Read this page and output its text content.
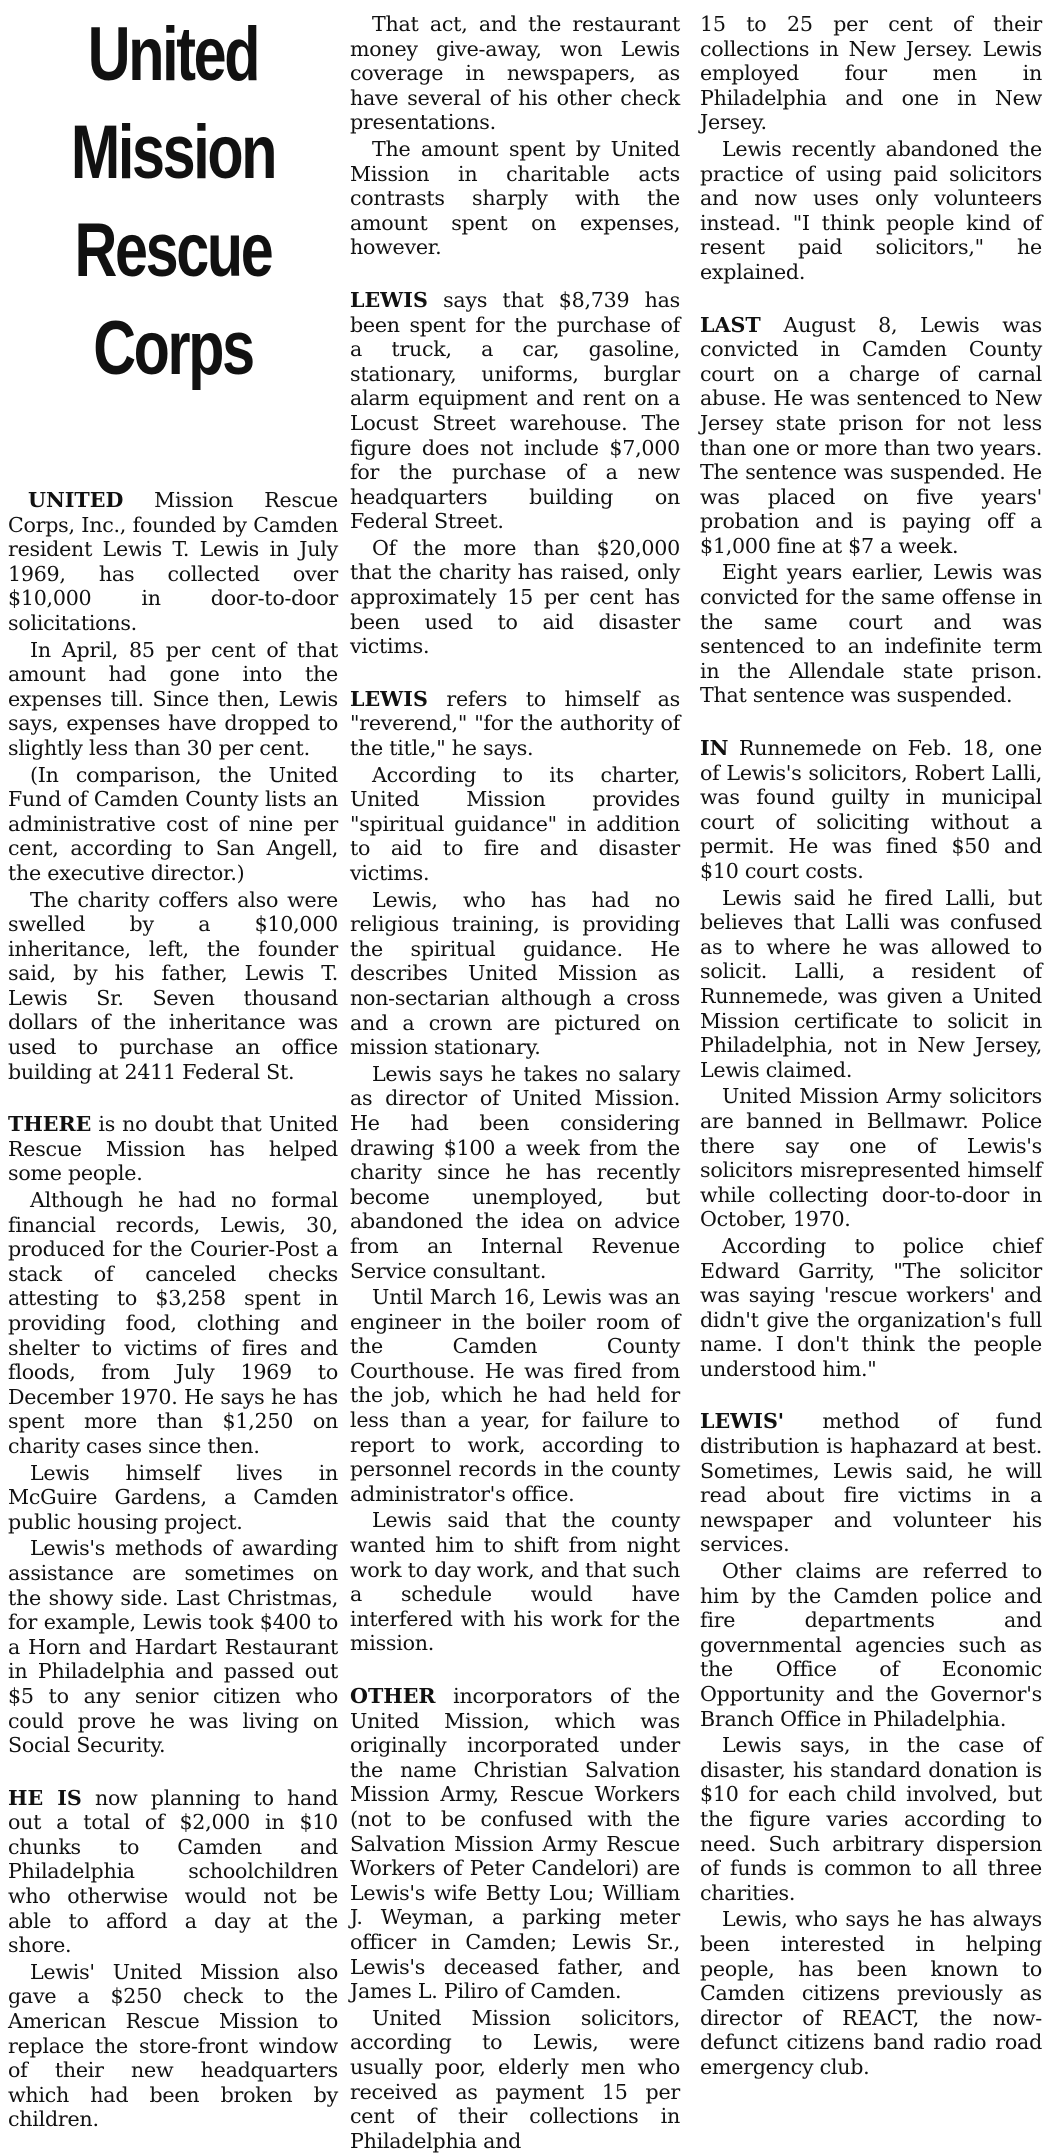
United
Mission
Rescue
Corps

UNITED Mission Rescue Corps, Inc., founded by Camden resident Lewis T. Lewis in July 1969, has collected over $10,000 in door-to-door solicitations.

In April, 85 per cent of that amount had gone into the expenses till. Since then, Lewis says, expenses have dropped to slightly less than 30 per cent.

(In comparison, the United Fund of Camden County lists an administrative cost of nine per cent, according to San Angell, the executive director.)

The charity coffers also were swelled by a $10,000 inheritance, left, the founder said, by his father, Lewis T. Lewis Sr. Seven thousand dollars of the inheritance was used to purchase an office building at 2411 Federal St.

THERE is no doubt that United Rescue Mission has helped some people.

Although he had no formal financial records, Lewis, 30, produced for the Courier-Post a stack of canceled checks attesting to $3,258 spent in providing food, clothing and shelter to victims of fires and floods, from July 1969 to December 1970. He says he has spent more than $1,250 on charity cases since then.

Lewis himself lives in McGuire Gardens, a Camden public housing project.

Lewis's methods of awarding assistance are sometimes on the showy side. Last Christmas, for example, Lewis took $400 to a Horn and Hardart Restaurant in Philadelphia and passed out $5 to any senior citizen who could prove he was living on Social Security.

HE IS now planning to hand out a total of $2,000 in $10 chunks to Camden and Philadelphia schoolchildren who otherwise would not be able to afford a day at the shore.

Lewis' United Mission also gave a $250 check to the American Rescue Mission to replace the store-front window of their new headquarters which had been broken by children.

That act, and the restaurant money give-away, won Lewis coverage in newspapers, as have several of his other check presentations.

The amount spent by United Mission in charitable acts contrasts sharply with the amount spent on expenses, however.

LEWIS says that $8,739 has been spent for the purchase of a truck, a car, gasoline, stationary, uniforms, burglar alarm equipment and rent on a Locust Street warehouse. The figure does not include $7,000 for the purchase of a new headquarters building on Federal Street.

Of the more than $20,000 that the charity has raised, only approximately 15 per cent has been used to aid disaster victims.

LEWIS refers to himself as "reverend," "for the authority of the title," he says.

According to its charter, United Mission provides "spiritual guidance" in addition to aid to fire and disaster victims.

Lewis, who has had no religious training, is providing the spiritual guidance. He describes United Mission as non-sectarian although a cross and a crown are pictured on mission stationary.

Lewis says he takes no salary as director of United Mission. He had been considering drawing $100 a week from the charity since he has recently become unemployed, but abandoned the idea on advice from an Internal Revenue Service consultant.

Until March 16, Lewis was an engineer in the boiler room of the Camden County Courthouse. He was fired from the job, which he had held for less than a year, for failure to report to work, according to personnel records in the county administrator's office.

Lewis said that the county wanted him to shift from night work to day work, and that such a schedule would have interfered with his work for the mission.

OTHER incorporators of the United Mission, which was originally incorporated under the name Christian Salvation Mission Army, Rescue Workers (not to be confused with the Salvation Mission Army Rescue Workers of Peter Candelori) are Lewis's wife Betty Lou; William J. Weyman, a parking meter officer in Camden; Lewis Sr., Lewis's deceased father, and James L. Piliro of Camden.

United Mission solicitors, according to Lewis, were usually poor, elderly men who received as payment 15 per cent of their collections in Philadelphia and

15 to 25 per cent of their collections in New Jersey. Lewis employed four men in Philadelphia and one in New Jersey.

Lewis recently abandoned the practice of using paid solicitors and now uses only volunteers instead. "I think people kind of resent paid solicitors," he explained.

LAST August 8, Lewis was convicted in Camden County court on a charge of carnal abuse. He was sentenced to New Jersey state prison for not less than one or more than two years. The sentence was suspended. He was placed on five years' probation and is paying off a $1,000 fine at $7 a week.

Eight years earlier, Lewis was convicted for the same offense in the same court and was sentenced to an indefinite term in the Allendale state prison. That sentence was suspended.

IN Runnemede on Feb. 18, one of Lewis's solicitors, Robert Lalli, was found guilty in municipal court of soliciting without a permit. He was fined $50 and $10 court costs.

Lewis said he fired Lalli, but believes that Lalli was confused as to where he was allowed to solicit. Lalli, a resident of Runnemede, was given a United Mission certificate to solicit in Philadelphia, not in New Jersey, Lewis claimed.

United Mission Army solicitors are banned in Bellmawr. Police there say one of Lewis's solicitors misrepresented himself while collecting door-to-door in October, 1970.

According to police chief Edward Garrity, "The solicitor was saying 'rescue workers' and didn't give the organization's full name. I don't think the people understood him."

LEWIS' method of fund distribution is haphazard at best. Sometimes, Lewis said, he will read about fire victims in a newspaper and volunteer his services.

Other claims are referred to him by the Camden police and fire departments and governmental agencies such as the Office of Economic Opportunity and the Governor's Branch Office in Philadelphia.

Lewis says, in the case of disaster, his standard donation is $10 for each child involved, but the figure varies according to need. Such arbitrary dispersion of funds is common to all three charities.

Lewis, who says he has always been interested in helping people, has been known to Camden citizens previously as director of REACT, the now-defunct citizens band radio road emergency club.
